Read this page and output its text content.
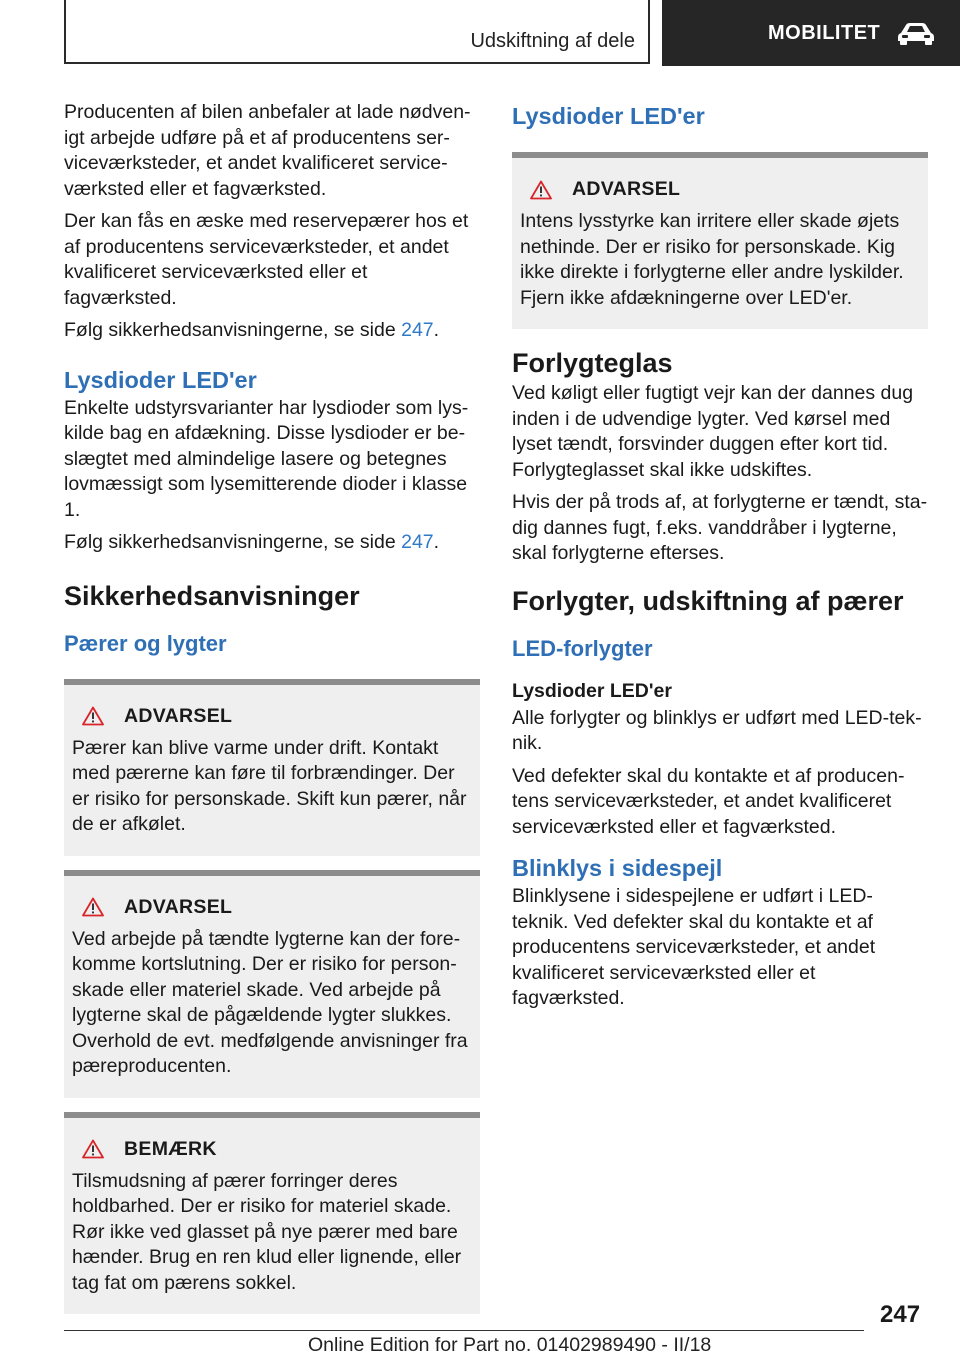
Udskiftning af dele	MOBILITET

Producenten af bilen anbefaler at lade nødvenigt arbejde udføre på et af producentens serviceværksteder, et andet kvalificeret serviceværksted eller et fagværksted.

Der kan fås en æske med reservepærer hos et af producentens serviceværksteder, et andet kvalificeret serviceværksted eller et fagværksted.

Følg sikkerhedsanvisningerne, se side 247.

Lysdioder LED'er

Enkelte udstyrsvarianter har lysdioder som lyskilde bag en afdækning. Disse lysdioder er beslægtet med almindelige lasere og betegnes lovmæssigt som lysemitterende dioder i klasse 1.

Følg sikkerhedsanvisningerne, se side 247.

Sikkerhedsanvisninger
Pærer og lygter
ADVARSEL

Pærer kan blive varme under drift. Kontakt med pærerne kan føre til forbrændinger. Der er risiko for personskade. Skift kun pærer, når de er afkølet.

ADVARSEL

Ved arbejde på tændte lygterne kan der forekomme kortslutning. Der er risiko for personskade eller materiel skade. Ved arbejde på lygterne skal de pågældende lygter slukkes. Overhold de evt. medfølgende anvisninger fra pæreproducenten.

BEMÆRK

Tilsmudsning af pærer forringer deres holdbarhed. Der er risiko for materiel skade. Rør ikke ved glasset på nye pærer med bare hænder. Brug en ren klud eller lignende, eller tag fat om pærens sokkel.

Lysdioder LED'er
ADVARSEL

Intens lysstyrke kan irritere eller skade øjets nethinde. Der er risiko for personskade. Kig ikke direkte i forlygterne eller andre lyskilder. Fjern ikke afdækningerne over LED'er.

Forlygteglas

Ved køligt eller fugtigt vejr kan der dannes dug inden i de udvendige lygter. Ved kørsel med lyset tændt, forsvinder duggen efter kort tid. Forlygteglasset skal ikke udskiftes.

Hvis der på trods af, at forlygterne er tændt, stadig dannes fugt, f.eks. vanddråber i lygterne, skal forlygterne efterses.

Forlygter, udskiftning af pærer
LED-forlygter
Lysdioder LED'er

Alle forlygter og blinklys er udført med LED-teknik.

Ved defekter skal du kontakte et af producentens serviceværksteder, et andet kvalificeret serviceværksted eller et fagværksted.

Blinklys i sidespejl

Blinklysene i sidespejlene er udført i LED-teknik. Ved defekter skal du kontakte et af producentens serviceværksteder, et andet kvalificeret serviceværksted eller et fagværksted.

247
Online Edition for Part no. 01402989490 - II/18
